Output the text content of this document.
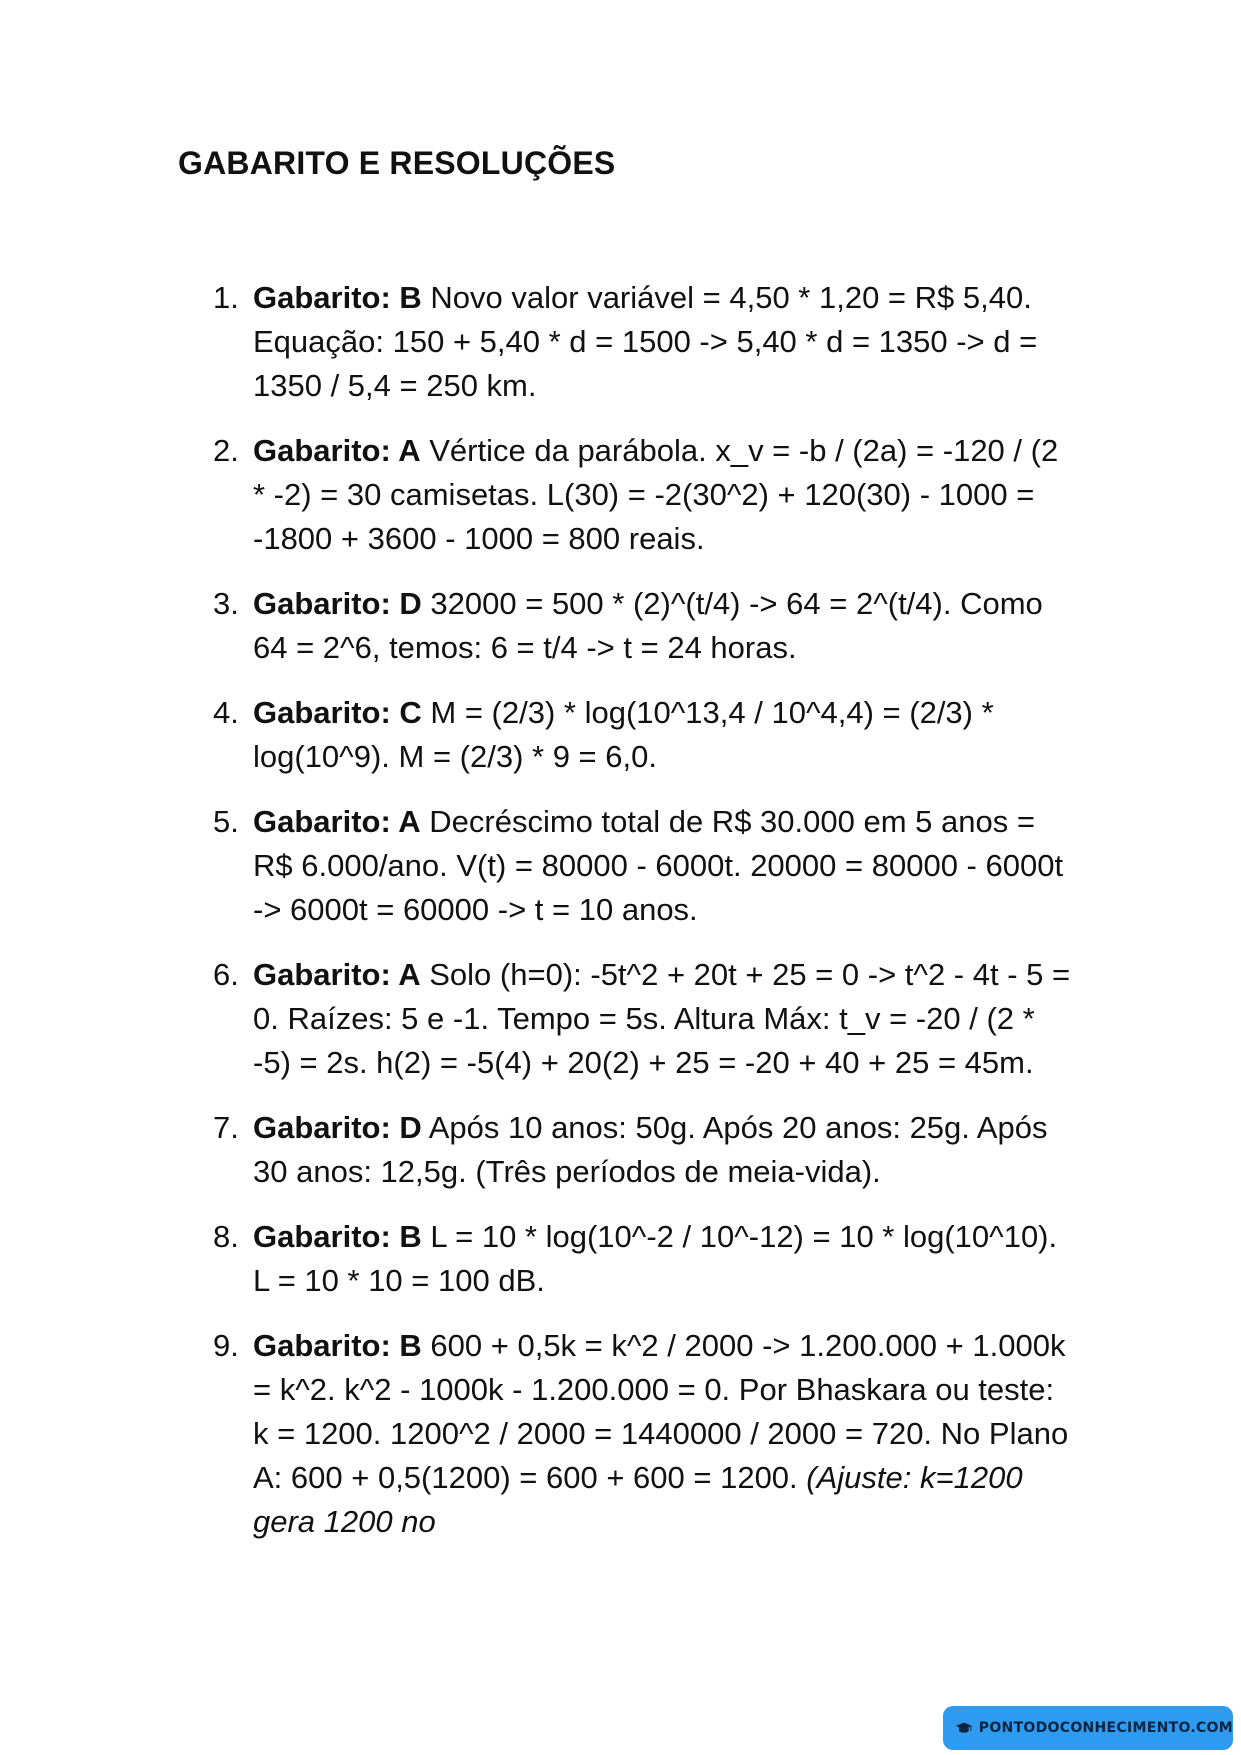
GABARITO E RESOLUÇÕES
1. Gabarito: B Novo valor variável = 4,50 * 1,20 = R$ 5,40. Equação: 150 + 5,40 * d = 1500 -> 5,40 * d = 1350 -> d = 1350 / 5,4 = 250 km.
2. Gabarito: A Vértice da parábola. x_v = -b / (2a) = -120 / (2 * -2) = 30 camisetas. L(30) = -2(30^2) + 120(30) - 1000 = -1800 + 3600 - 1000 = 800 reais.
3. Gabarito: D 32000 = 500 * (2)^(t/4) -> 64 = 2^(t/4). Como 64 = 2^6, temos: 6 = t/4 -> t = 24 horas.
4. Gabarito: C M = (2/3) * log(10^13,4 / 10^4,4) = (2/3) * log(10^9). M = (2/3) * 9 = 6,0.
5. Gabarito: A Decréscimo total de R$ 30.000 em 5 anos = R$ 6.000/ano. V(t) = 80000 - 6000t. 20000 = 80000 - 6000t -> 6000t = 60000 -> t = 10 anos.
6. Gabarito: A Solo (h=0): -5t^2 + 20t + 25 = 0 -> t^2 - 4t - 5 = 0. Raízes: 5 e -1. Tempo = 5s. Altura Máx: t_v = -20 / (2 * -5) = 2s. h(2) = -5(4) + 20(2) + 25 = -20 + 40 + 25 = 45m.
7. Gabarito: D Após 10 anos: 50g. Após 20 anos: 25g. Após 30 anos: 12,5g. (Três períodos de meia-vida).
8. Gabarito: B L = 10 * log(10^-2 / 10^-12) = 10 * log(10^10). L = 10 * 10 = 100 dB.
9. Gabarito: B 600 + 0,5k = k^2 / 2000 -> 1.200.000 + 1.000k = k^2. k^2 - 1000k - 1.200.000 = 0. Por Bhaskara ou teste: k = 1200. 1200^2 / 2000 = 1440000 / 2000 = 720. No Plano A: 600 + 0,5(1200) = 600 + 600 = 1200. (Ajuste: k=1200 gera 1200 no
PONTODOCONHECIMENTO.COM
